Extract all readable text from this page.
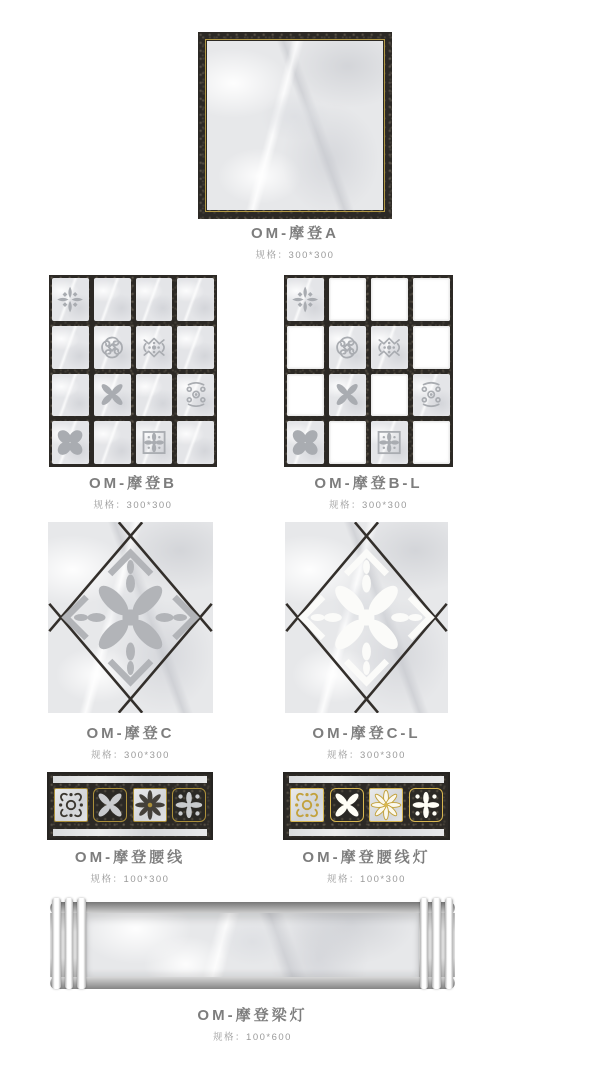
OM-摩登A
规格：300*300
OM-摩登B
规格：300*300
OM-摩登B-L
规格：300*300
OM-摩登C
规格：300*300
OM-摩登C-L
规格：300*300
OM-摩登腰线
规格：100*300
OM-摩登腰线灯
规格：100*300
OM-摩登梁灯
规格：100*600
